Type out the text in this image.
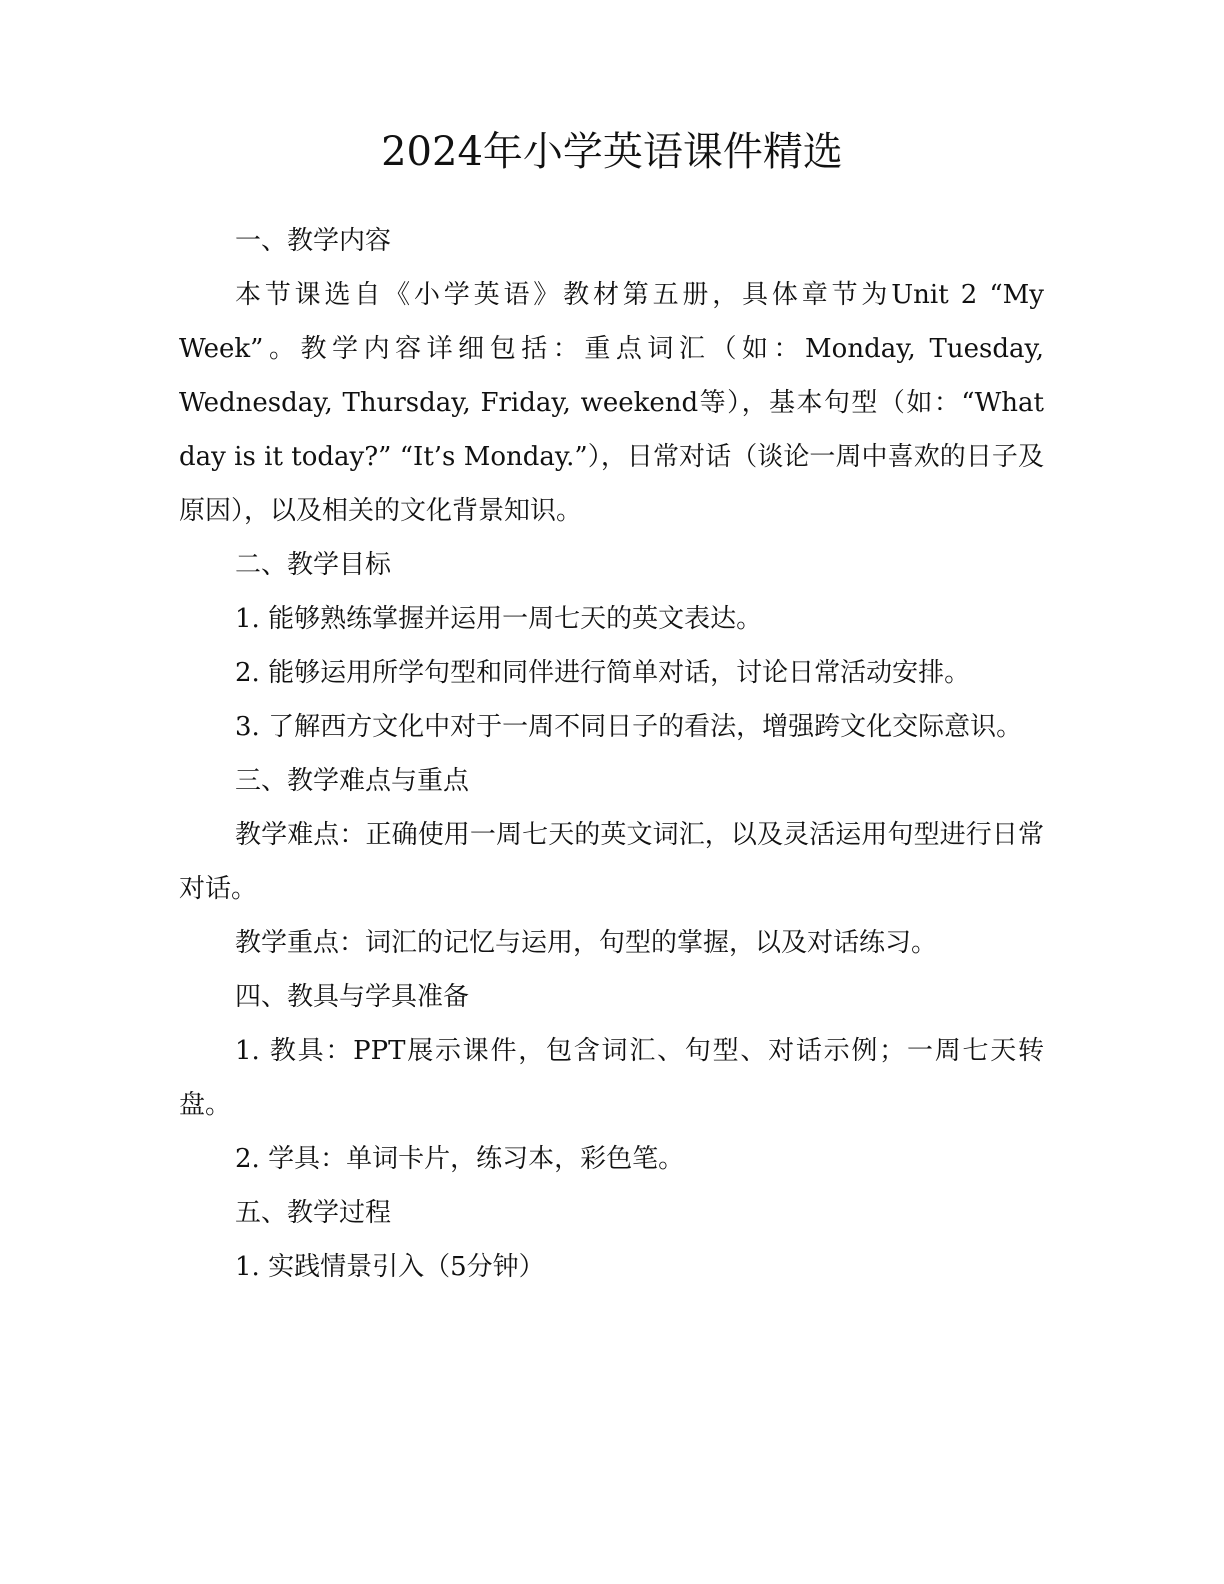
2024年小学英语课件精选

一、教学内容

本节课选自《小学英语》教材第五册，具体章节为Unit 2 “My Week”。教学内容详细包括：重点词汇（如：Monday, Tuesday, Wednesday, Thursday, Friday, weekend等），基本句型（如：“What day is it today?” “It’s Monday.”），日常对话（谈论一周中喜欢的日子及原因），以及相关的文化背景知识。

二、教学目标

1. 能够熟练掌握并运用一周七天的英文表达。

2. 能够运用所学句型和同伴进行简单对话，讨论日常活动安排。

3. 了解西方文化中对于一周不同日子的看法，增强跨文化交际意识。

三、教学难点与重点

教学难点：正确使用一周七天的英文词汇，以及灵活运用句型进行日常对话。

教学重点：词汇的记忆与运用，句型的掌握，以及对话练习。

四、教具与学具准备

1. 教具：PPT展示课件，包含词汇、句型、对话示例；一周七天转盘。

2. 学具：单词卡片，练习本，彩色笔。

五、教学过程

1. 实践情景引入（5分钟）
